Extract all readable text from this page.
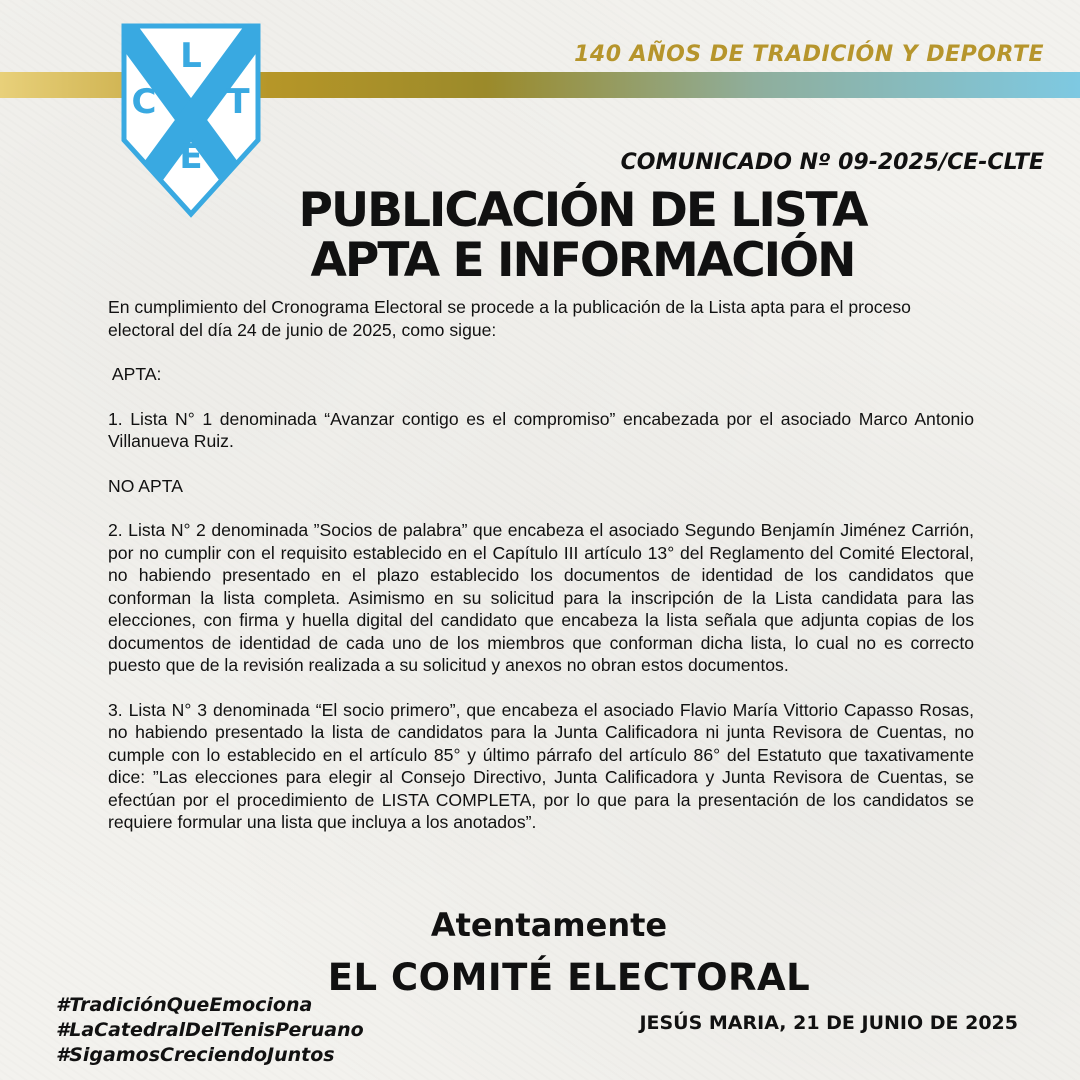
L
C T
E
140 AÑOS DE TRADICIÓN Y DEPORTE
COMUNICADO Nº 09-2025/CE-CLTE
PUBLICACIÓN DE LISTA
APTA E INFORMACIÓN

En cumplimiento del Cronograma Electoral se procede a la publicación de la Lista apta para el proceso electoral del día 24 de junio de 2025, como sigue:

APTA:

1. Lista N° 1 denominada “Avanzar contigo es el compromiso” encabezada por el asociado Marco Antonio Villanueva Ruiz.

NO APTA

2. Lista N° 2 denominada ”Socios de palabra” que encabeza el asociado Segundo Benjamín Jiménez Carrión, por no cumplir con el requisito establecido en el Capítulo III artículo 13° del Reglamento del Comité Electoral, no habiendo presentado en el plazo establecido los documentos de identidad de los candidatos que conforman la lista completa. Asimismo en su solicitud para la inscripción de la Lista candidata para las elecciones, con firma y huella digital del candidato que encabeza la lista señala que adjunta copias de los documentos de identidad de cada uno de los miembros que conforman dicha lista, lo cual no es correcto puesto que de la revisión realizada a su solicitud y anexos no obran estos documentos.

3. Lista N° 3 denominada “El socio primero”, que encabeza el asociado Flavio María Vittorio Capasso Rosas, no habiendo presentado la lista de candidatos para la Junta Calificadora ni junta Revisora de Cuentas, no cumple con lo establecido en el artículo 85° y último párrafo del artículo 86° del Estatuto que taxativamente dice: ”Las elecciones para elegir al Consejo Directivo, Junta Calificadora y Junta Revisora de Cuentas, se efectúan por el procedimiento de LISTA COMPLETA, por lo que para la presentación de los candidatos se requiere formular una lista que incluya a los anotados”.

Atentamente
EL COMITÉ ELECTORAL
#TradiciónQueEmociona
#LaCatedralDelTenisPeruano
#SigamosCreciendoJuntos
JESÚS MARIA, 21 DE JUNIO DE 2025
